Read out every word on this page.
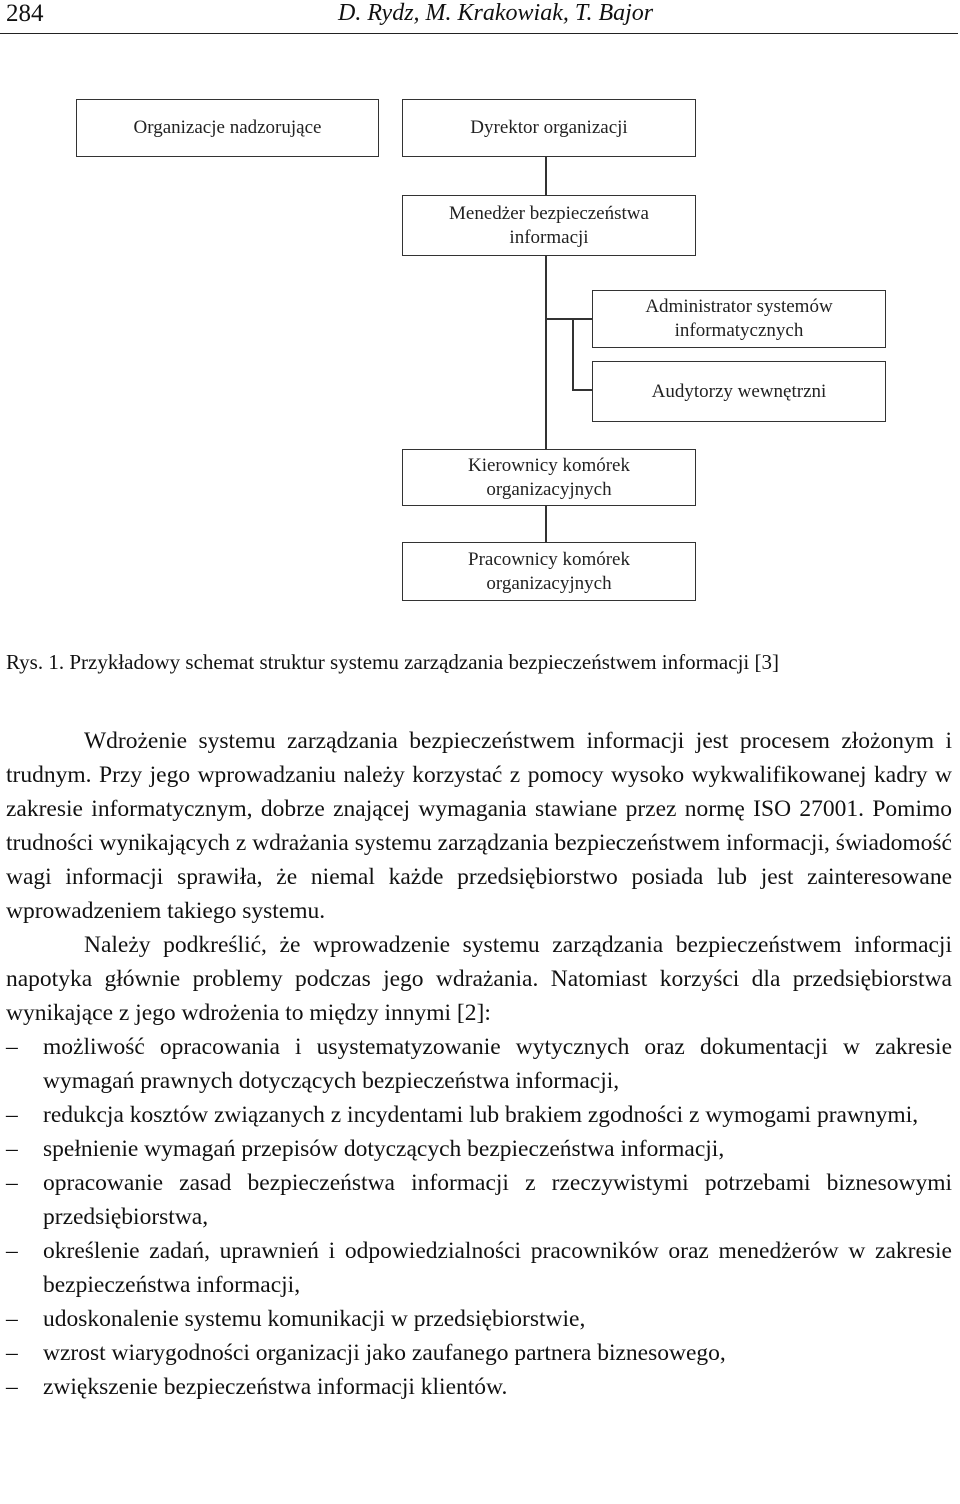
284	D. Rydz, M. Krakowiak, T. Bajor
Organizacje nadzorujące	Dyrektor organizacji
Menedżer bezpieczeństwa
informacji
Administrator systemów
informatycznych
Audytorzy wewnętrzni
Kierownicy komórek
organizacyjnych
Pracownicy komórek
organizacyjnych
Rys. 1. Przykładowy schemat struktur systemu zarządzania bezpieczeństwem informacji [3]

Wdrożenie systemu zarządzania bezpieczeństwem informacji jest procesem złożonym i trudnym. Przy jego wprowadzaniu należy korzystać z pomocy wysoko wykwalifikowanej kadry w zakresie informatycznym, dobrze znającej wymagania stawiane przez normę ISO 27001. Pomimo trudności wynikających z wdrażania systemu zarządzania bezpieczeństwem informacji, świadomość wagi informacji sprawiła, że niemal każde przedsiębiorstwo posiada lub jest zainteresowane wprowadzeniem takiego systemu.

Należy podkreślić, że wprowadzenie systemu zarządzania bezpieczeństwem informacji napotyka głównie problemy podczas jego wdrażania. Natomiast korzyści dla przedsiębiorstwa wynikające z jego wdrożenia to między innymi [2]:

– możliwość opracowania i usystematyzowanie wytycznych oraz dokumentacji w zakresie wymagań prawnych dotyczących bezpieczeństwa informacji,
– redukcja kosztów związanych z incydentami lub brakiem zgodności z wymogami prawnymi,
– spełnienie wymagań przepisów dotyczących bezpieczeństwa informacji,
– opracowanie zasad bezpieczeństwa informacji z rzeczywistymi potrzebami biznesowymi przedsiębiorstwa,
– określenie zadań, uprawnień i odpowiedzialności pracowników oraz menedżerów w zakresie bezpieczeństwa informacji,
– udoskonalenie systemu komunikacji w przedsiębiorstwie,
– wzrost wiarygodności organizacji jako zaufanego partnera biznesowego,
– zwiększenie bezpieczeństwa informacji klientów.
